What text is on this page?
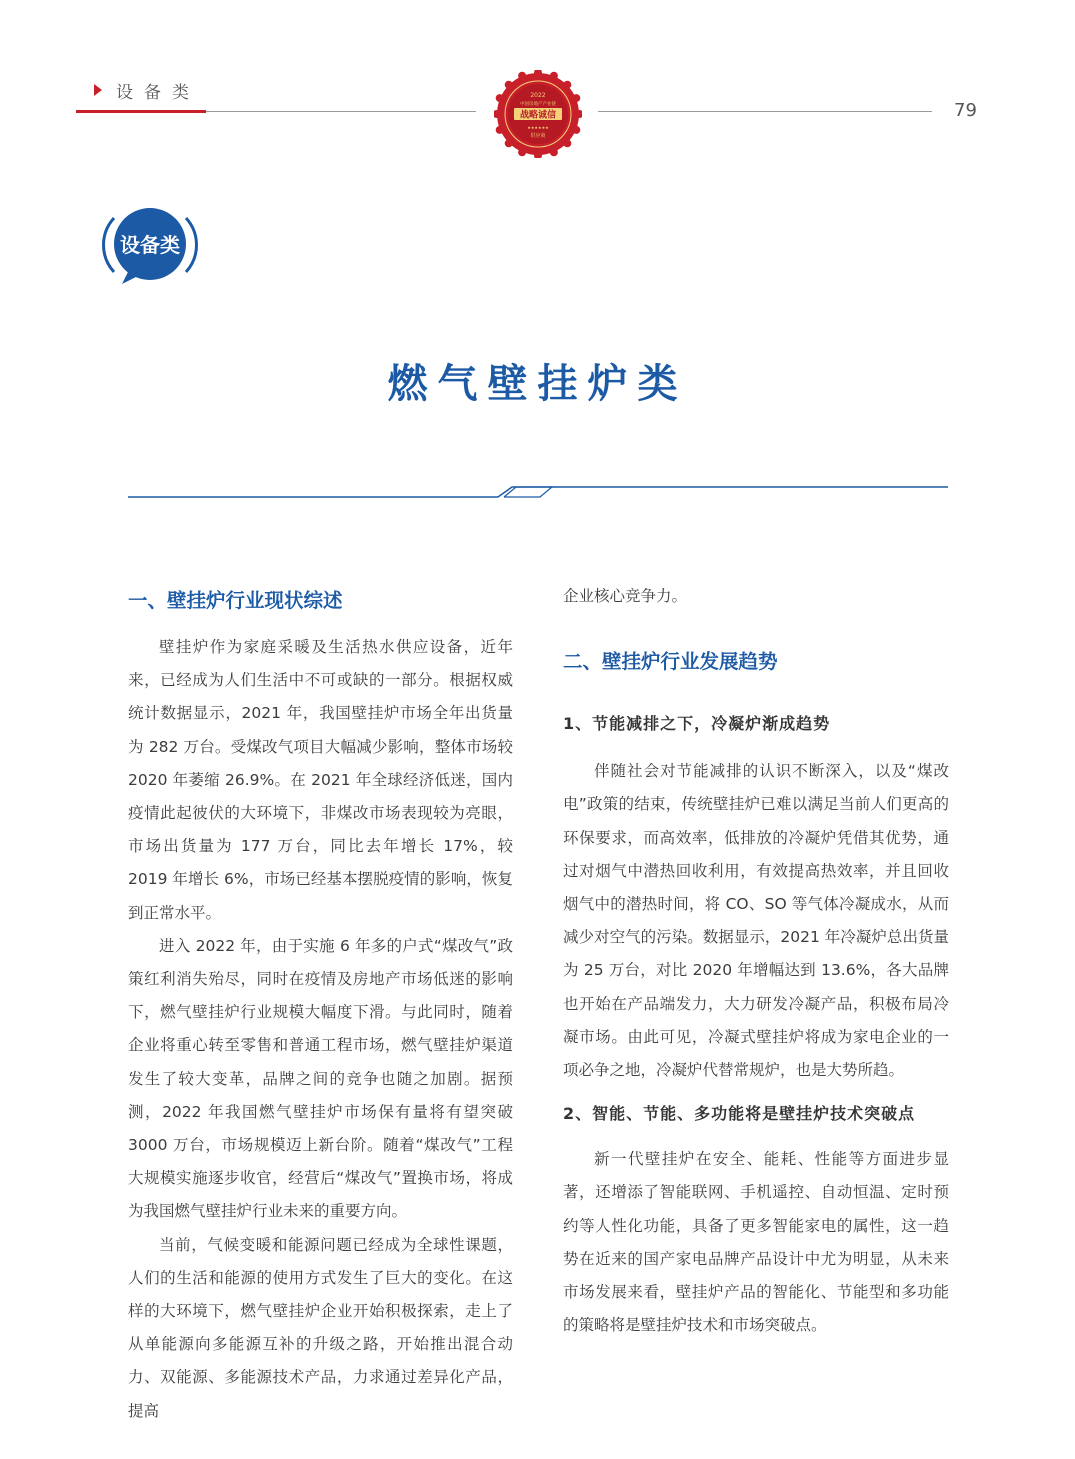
设备类
79
2022
中国房地产产业链
战略诚信
★★★★★★
供应商
设备类
燃气壁挂炉类
一、壁挂炉行业现状综述
壁挂炉作为家庭采暖及生活热水供应设备，近年来，已经成为人们生活中不可或缺的一部分。根据权威统计数据显示，2021 年，我国壁挂炉市场全年出货量为 282 万台。受煤改气项目大幅减少影响，整体市场较 2020 年萎缩 26.9%。在 2021 年全球经济低迷，国内疫情此起彼伏的大环境下，非煤改市场表现较为亮眼，市场出货量为 177 万台，同比去年增长 17%，较 2019 年增长 6%，市场已经基本摆脱疫情的影响，恢复到正常水平。
进入 2022 年，由于实施 6 年多的户式“煤改气”政策红利消失殆尽，同时在疫情及房地产市场低迷的影响下，燃气壁挂炉行业规模大幅度下滑。与此同时，随着企业将重心转至零售和普通工程市场，燃气壁挂炉渠道发生了较大变革，品牌之间的竞争也随之加剧。据预测，2022 年我国燃气壁挂炉市场保有量将有望突破 3000 万台，市场规模迈上新台阶。随着“煤改气”工程大规模实施逐步收官，经营后“煤改气”置换市场，将成为我国燃气壁挂炉行业未来的重要方向。
当前，气候变暖和能源问题已经成为全球性课题，人们的生活和能源的使用方式发生了巨大的变化。在这样的大环境下，燃气壁挂炉企业开始积极探索，走上了从单能源向多能源互补的升级之路，开始推出混合动力、双能源、多能源技术产品，力求通过差异化产品，提高
企业核心竞争力。
二、壁挂炉行业发展趋势
1、节能减排之下，冷凝炉渐成趋势
伴随社会对节能减排的认识不断深入，以及“煤改电”政策的结束，传统壁挂炉已难以满足当前人们更高的环保要求，而高效率，低排放的冷凝炉凭借其优势，通过对烟气中潜热回收利用，有效提高热效率，并且回收烟气中的潜热时间，将 CO、SO 等气体冷凝成水，从而减少对空气的污染。数据显示，2021 年冷凝炉总出货量为 25 万台，对比 2020 年增幅达到 13.6%，各大品牌也开始在产品端发力，大力研发冷凝产品，积极布局冷凝市场。由此可见，冷凝式壁挂炉将成为家电企业的一项必争之地，冷凝炉代替常规炉，也是大势所趋。
2、智能、节能、多功能将是壁挂炉技术突破点
新一代壁挂炉在安全、能耗、性能等方面进步显著，还增添了智能联网、手机遥控、自动恒温、定时预约等人性化功能，具备了更多智能家电的属性，这一趋势在近来的国产家电品牌产品设计中尤为明显，从未来市场发展来看，壁挂炉产品的智能化、节能型和多功能的策略将是壁挂炉技术和市场突破点。
